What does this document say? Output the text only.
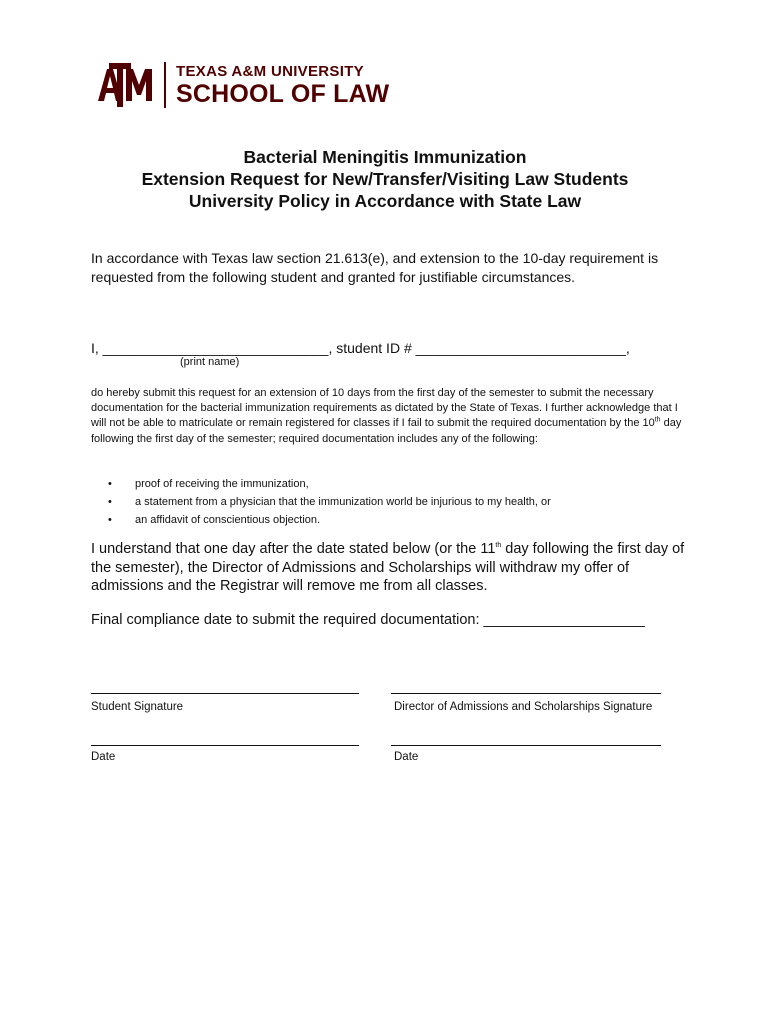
TEXAS A&M UNIVERSITY
SCHOOL OF LAW
Bacterial Meningitis Immunization
Extension Request for New/Transfer/Visiting Law Students
University Policy in Accordance with State Law
In accordance with Texas law section 21.613(e), and extension to the 10-day requirement is requested from the following student and granted for justifiable circumstances.
I, _____________________________, student ID # ___________________________,
(print name)
do hereby submit this request for an extension of 10 days from the first day of the semester to submit the necessary documentation for the bacterial immunization requirements as dictated by the State of Texas. I further acknowledge that I will not be able to matriculate or remain registered for classes if I fail to submit the required documentation by the 10th day following the first day of the semester; required documentation includes any of the following:
• proof of receiving the immunization,
• a statement from a physician that the immunization world be injurious to my health, or
• an affidavit of conscientious objection.
I understand that one day after the date stated below (or the 11th day following the first day of the semester), the Director of Admissions and Scholarships will withdraw my offer of admissions and the Registrar will remove me from all classes.
Final compliance date to submit the required documentation: ____________________
Student Signature	Director of Admissions and Scholarships Signature
Date	Date
